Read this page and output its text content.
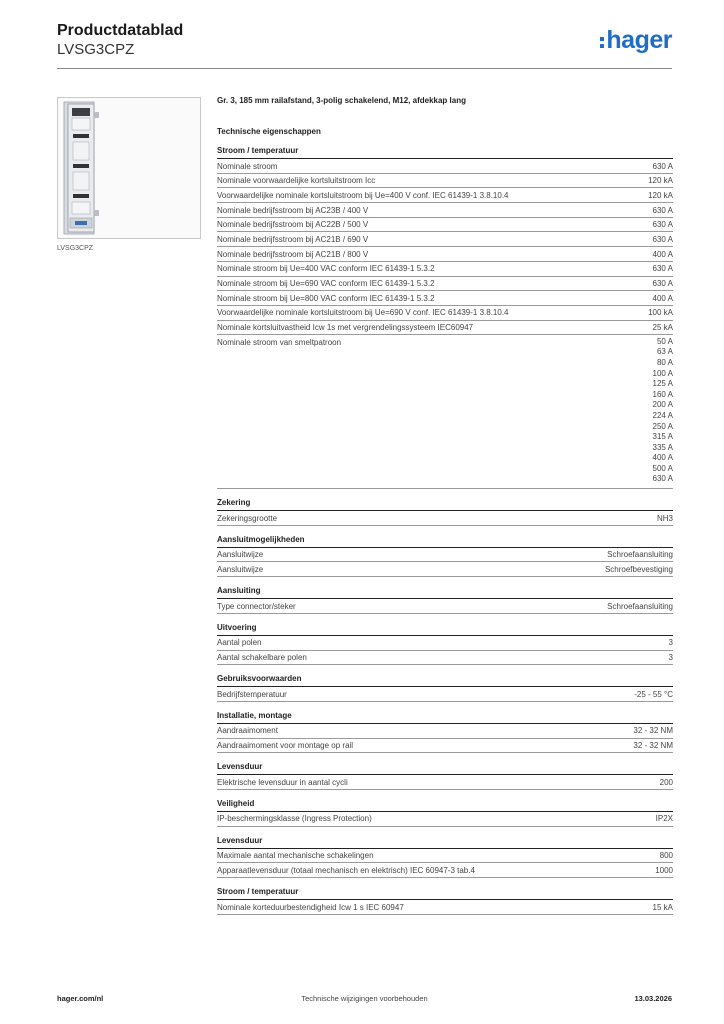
Productdatablad
LVSG3CPZ	hager
LVSG3CPZ
Gr. 3, 185 mm railafstand, 3-polig schakelend, M12, afdekkap lang
Technische eigenschappen
Stroom / temperatuur
Nominale stroom	630 A
Nominale voorwaardelijke kortsluitstroom Icc	120 kA
Voorwaardelijke nominale kortsluitstroom bij Ue=400 V conf. IEC 61439-1 3.8.10.4	120 kA
Nominale bedrijfsstroom bij AC23B / 400 V	630 A
Nominale bedrijfsstroom bij AC22B / 500 V	630 A
Nominale bedrijfsstroom bij AC21B / 690 V	630 A
Nominale bedrijfsstroom bij AC21B / 800 V	400 A
Nominale stroom bij Ue=400 VAC conform IEC 61439-1 5.3.2	630 A
Nominale stroom bij Ue=690 VAC conform IEC 61439-1 5.3.2	630 A
Nominale stroom bij Ue=800 VAC conform IEC 61439-1 5.3.2	400 A
Voorwaardelijke nominale kortsluitstroom bij Ue=690 V conf. IEC 61439-1 3.8.10.4	100 kA
Nominale kortsluitvastheid Icw 1s met vergrendelingssysteem IEC60947	25 kA
Nominale stroom van smeltpatroon	50 A
63 A
80 A
100 A
125 A
160 A
200 A
224 A
250 A
315 A
335 A
400 A
500 A
630 A
Zekering
Zekeringsgrootte	NH3
Aansluitmogelijkheden
Aansluitwijze	Schroefaansluiting
Aansluitwijze	Schroefbevestiging
Aansluiting
Type connector/steker	Schroefaansluiting
Uitvoering
Aantal polen	3
Aantal schakelbare polen	3
Gebruiksvoorwaarden
Bedrijfstemperatuur	-25 - 55 °C
Installatie, montage
Aandraaimoment	32 - 32 NM
Aandraaimoment voor montage op rail	32 - 32 NM
Levensduur
Elektrische levensduur in aantal cycli	200
Veiligheid
IP-beschermingsklasse (Ingress Protection)	IP2X
Levensduur
Maximale aantal mechanische schakelingen	800
Apparaatlevensduur (totaal mechanisch en elektrisch) IEC 60947-3 tab.4	1000
Stroom / temperatuur
Nominale korteduurbestendigheid Icw 1 s IEC 60947	15 kA
hager.com/nl	Technische wijzigingen voorbehouden	13.03.2026
